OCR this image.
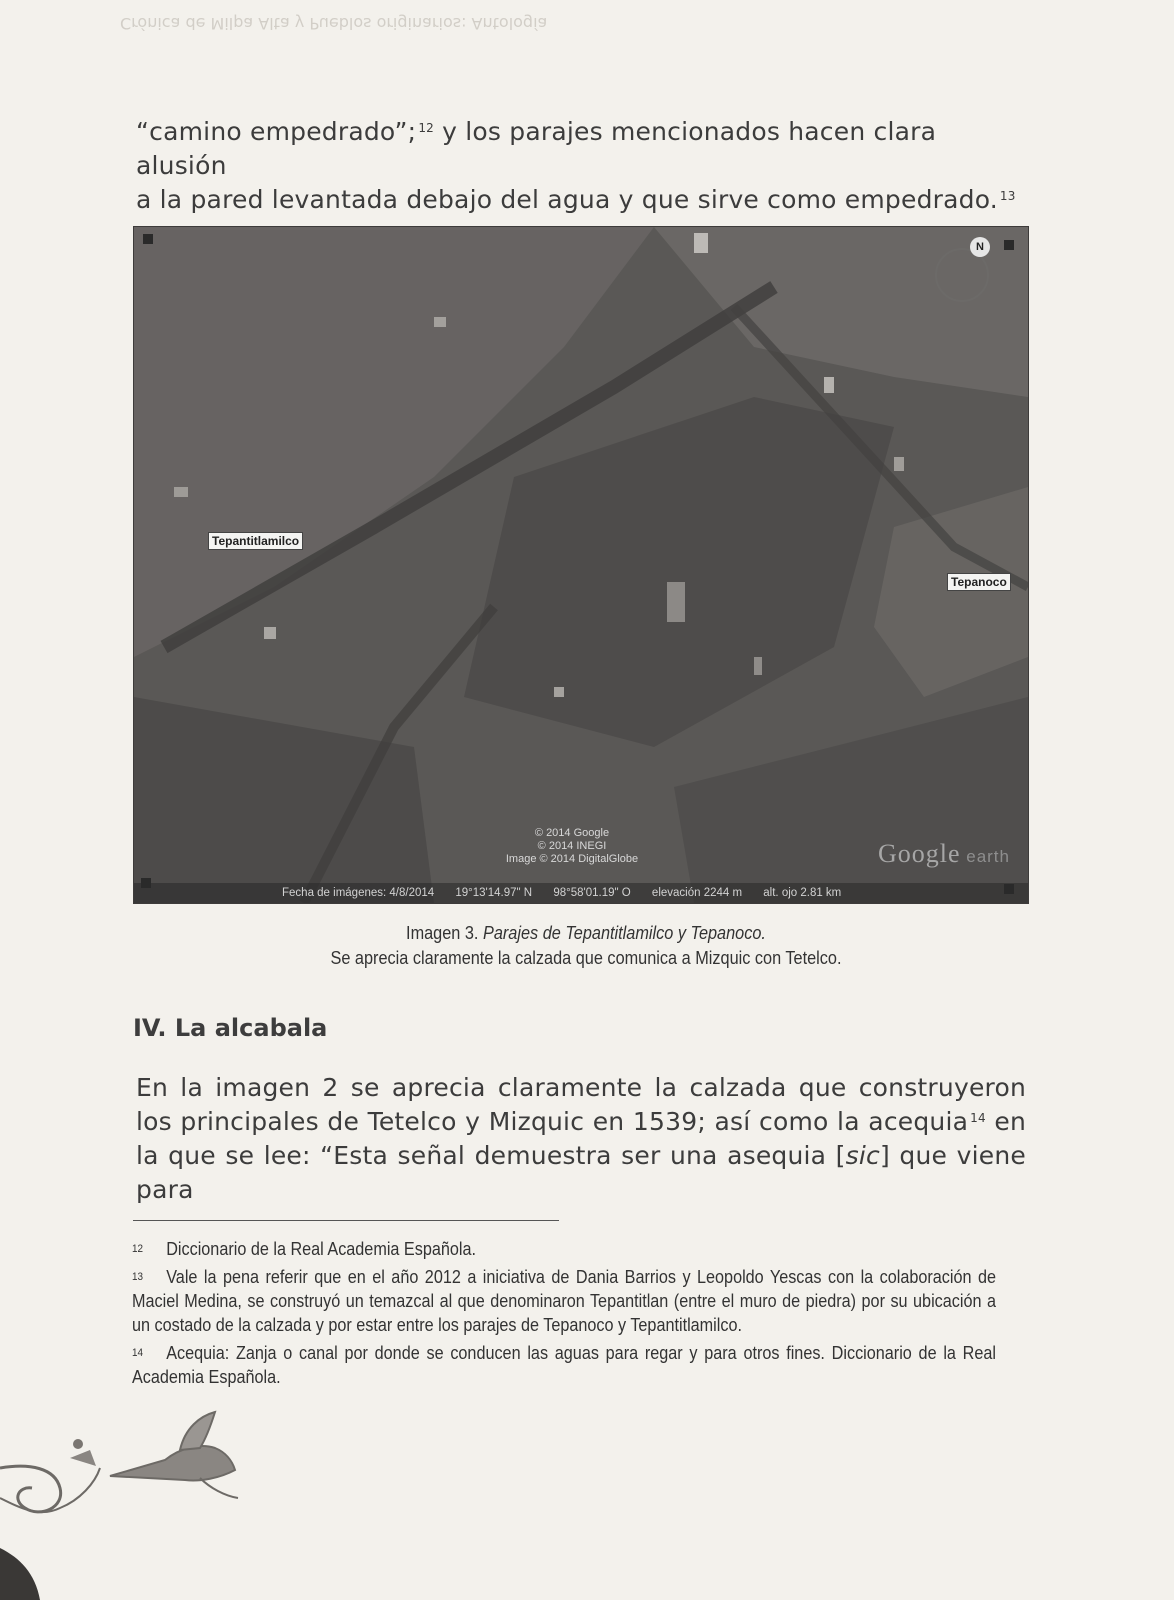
Crónica de Milpa Alta y Pueblos originarios: Antología
“camino empedrado”; $^{12}$ y los parajes mencionados hacen clara alusión
a la pared levantada debajo del agua y que sirve como empedrado. $^{13}$
Tepantitlamilco
Tepanoco
N
© 2014 Google
© 2014 INEGI
Image © 2014 DigitalGlobe	Google earth
Fecha de imágenes: 4/8/2014 19°13'14.97" N 98°58'01.19" O elevación 2244 m alt. ojo 2.81 km
Imagen 3. Parajes de Tepantitlamilco y Tepanoco.
Se aprecia claramente la calzada que comunica a Mizquic con Tetelco.
IV. La alcabala
En la imagen 2 se aprecia claramente la calzada que construyeron los principales de Tetelco y Mizquic en 1539; así como la acequia $^{14}$ en la que se lee: “Esta señal demuestra ser una asequia [sic] que viene para
12 Diccionario de la Real Academia Española.
13 Vale la pena referir que en el año 2012 a iniciativa de Dania Barrios y Leopoldo Yescas con la colaboración de Maciel Medina, se construyó un temazcal al que denominaron Tepantitlan (entre el muro de piedra) por su ubicación a un costado de la calzada y por estar entre los parajes de Tepanoco y Tepantitlamilco.
14 Acequia: Zanja o canal por donde se conducen las aguas para regar y para otros fines. Diccionario de la Real Academia Española.
